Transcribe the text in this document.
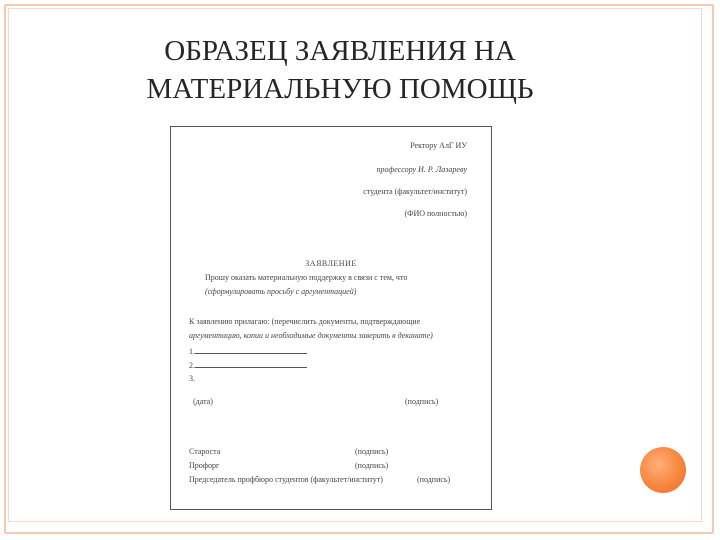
ОБРАЗЕЦ ЗАЯВЛЕНИЯ НА
МАТЕРИАЛЬНУЮ ПОМОЩЬ
Ректору АлГ ИУ
профессору И. Р. Лазареву
студента (факультет/институт)
(ФИО полностью)
ЗАЯВЛЕНИЕ
Прошу оказать материальную поддержку в связи с тем, что
(сформулировать просьбу с аргументацией)
К заявлению прилагаю: (перечислить документы, подтверждающие
аргументацию, копии и необходимые документы заверить в деканате)
1.
2.
3.
(дата)	(подпись)
Староста	(подпись)
Профорг	(подпись)
Председатель профбюро студентов (факультет/институт)	(подпись)
